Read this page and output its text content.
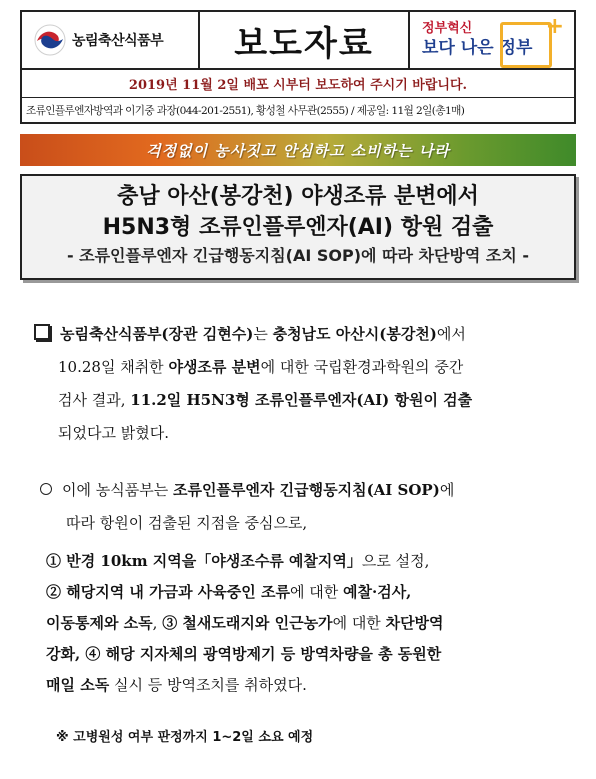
농림축산식품부 보도자료	+
정부혁신
보다 나은 정부
2019년 11월 2일 배포 시부터 보도하여 주시기 바랍니다.
조류인플루엔자방역과 이기중 과장(044-201-2551), 황성철 사무관(2555) / 제공일: 11월 2일(총1매)
걱정없이 농사짓고 안심하고 소비하는 나라
충남 아산(봉강천) 야생조류 분변에서
H5N3형 조류인플루엔자(AI) 항원 검출
- 조류인플루엔자 긴급행동지침(AI SOP)에 따라 차단방역 조치 -
농림축산식품부(장관 김현수)는 충청남도 아산시(봉강천)에서
10.28일 채취한 야생조류 분변에 대한 국립환경과학원의 중간
검사 결과, 11.2일 H5N3형 조류인플루엔자(AI) 항원이 검출
되었다고 밝혔다.
이에 농식품부는 조류인플루엔자 긴급행동지침(AI SOP)에
따라 항원이 검출된 지점을 중심으로,
① 반경 10km 지역을「야생조수류 예찰지역」으로 설정,
② 해당지역 내 가금과 사육중인 조류에 대한 예찰·검사,
이동통제와 소독, ③ 철새도래지와 인근농가에 대한 차단방역
강화, ④ 해당 지자체의 광역방제기 등 방역차량을 총 동원한
매일 소독 실시 등 방역조치를 취하였다.
※ 고병원성 여부 판정까지 1~2일 소요 예정
